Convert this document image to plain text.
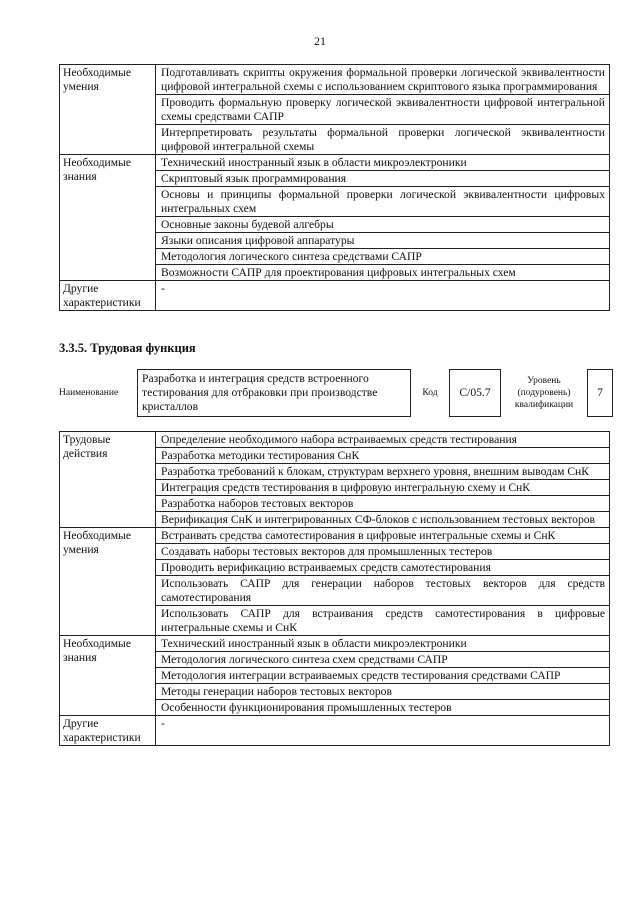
21
Необходимые умения	Подготавливать скрипты окружения формальной проверки логической эквивалентности цифровой интегральной схемы с использованием скриптового языка программирования
	Проводить формальную проверку логической эквивалентности цифровой интегральной схемы средствами САПР
	Интерпретировать результаты формальной проверки логической эквивалентности цифровой интегральной схемы
Необходимые знания	Технический иностранный язык в области микроэлектроники
	Скриптовый язык программирования
	Основы и принципы формальной проверки логической эквивалентности цифровых интегральных схем
	Основные законы будевой алгебры
	Языки описания цифровой аппаратуры
	Методология логического синтеза средствами САПР
	Возможности САПР для проектирования цифровых интегральных схем
Другие характеристики	-
3.3.5. Трудовая функция
Наименование	Разработка и интеграция средств встроенного тестирования для отбраковки при производстве кристаллов	Код	С/05.7	Уровень (подуровень) квалификации	7
Трудовые действия	Определение необходимого набора встраиваемых средств тестирования
	Разработка методики тестирования СнК
	Разработка требований к блокам, структурам верхнего уровня, внешним выводам СнК
	Интеграция средств тестирования в цифровую интегральную схему и СнК
	Разработка наборов тестовых векторов
	Верификация СнК и интегрированных СФ-блоков с использованием тестовых векторов
Необходимые умения	Встраивать средства самотестирования в цифровые интегральные схемы и СнК
	Создавать наборы тестовых векторов для промышленных тестеров
	Проводить верификацию встраиваемых средств самотестирования
	Использовать САПР для генерации наборов тестовых векторов для средств самотестирования
	Использовать САПР для встраивания средств самотестирования в цифровые интегральные схемы и СнК
Необходимые знания	Технический иностранный язык в области микроэлектроники
	Методология логического синтеза схем средствами САПР
	Методология интеграции встраиваемых средств тестирования средствами САПР
	Методы генерации наборов тестовых векторов
	Особенности функционирования промышленных тестеров
Другие характеристики	-
